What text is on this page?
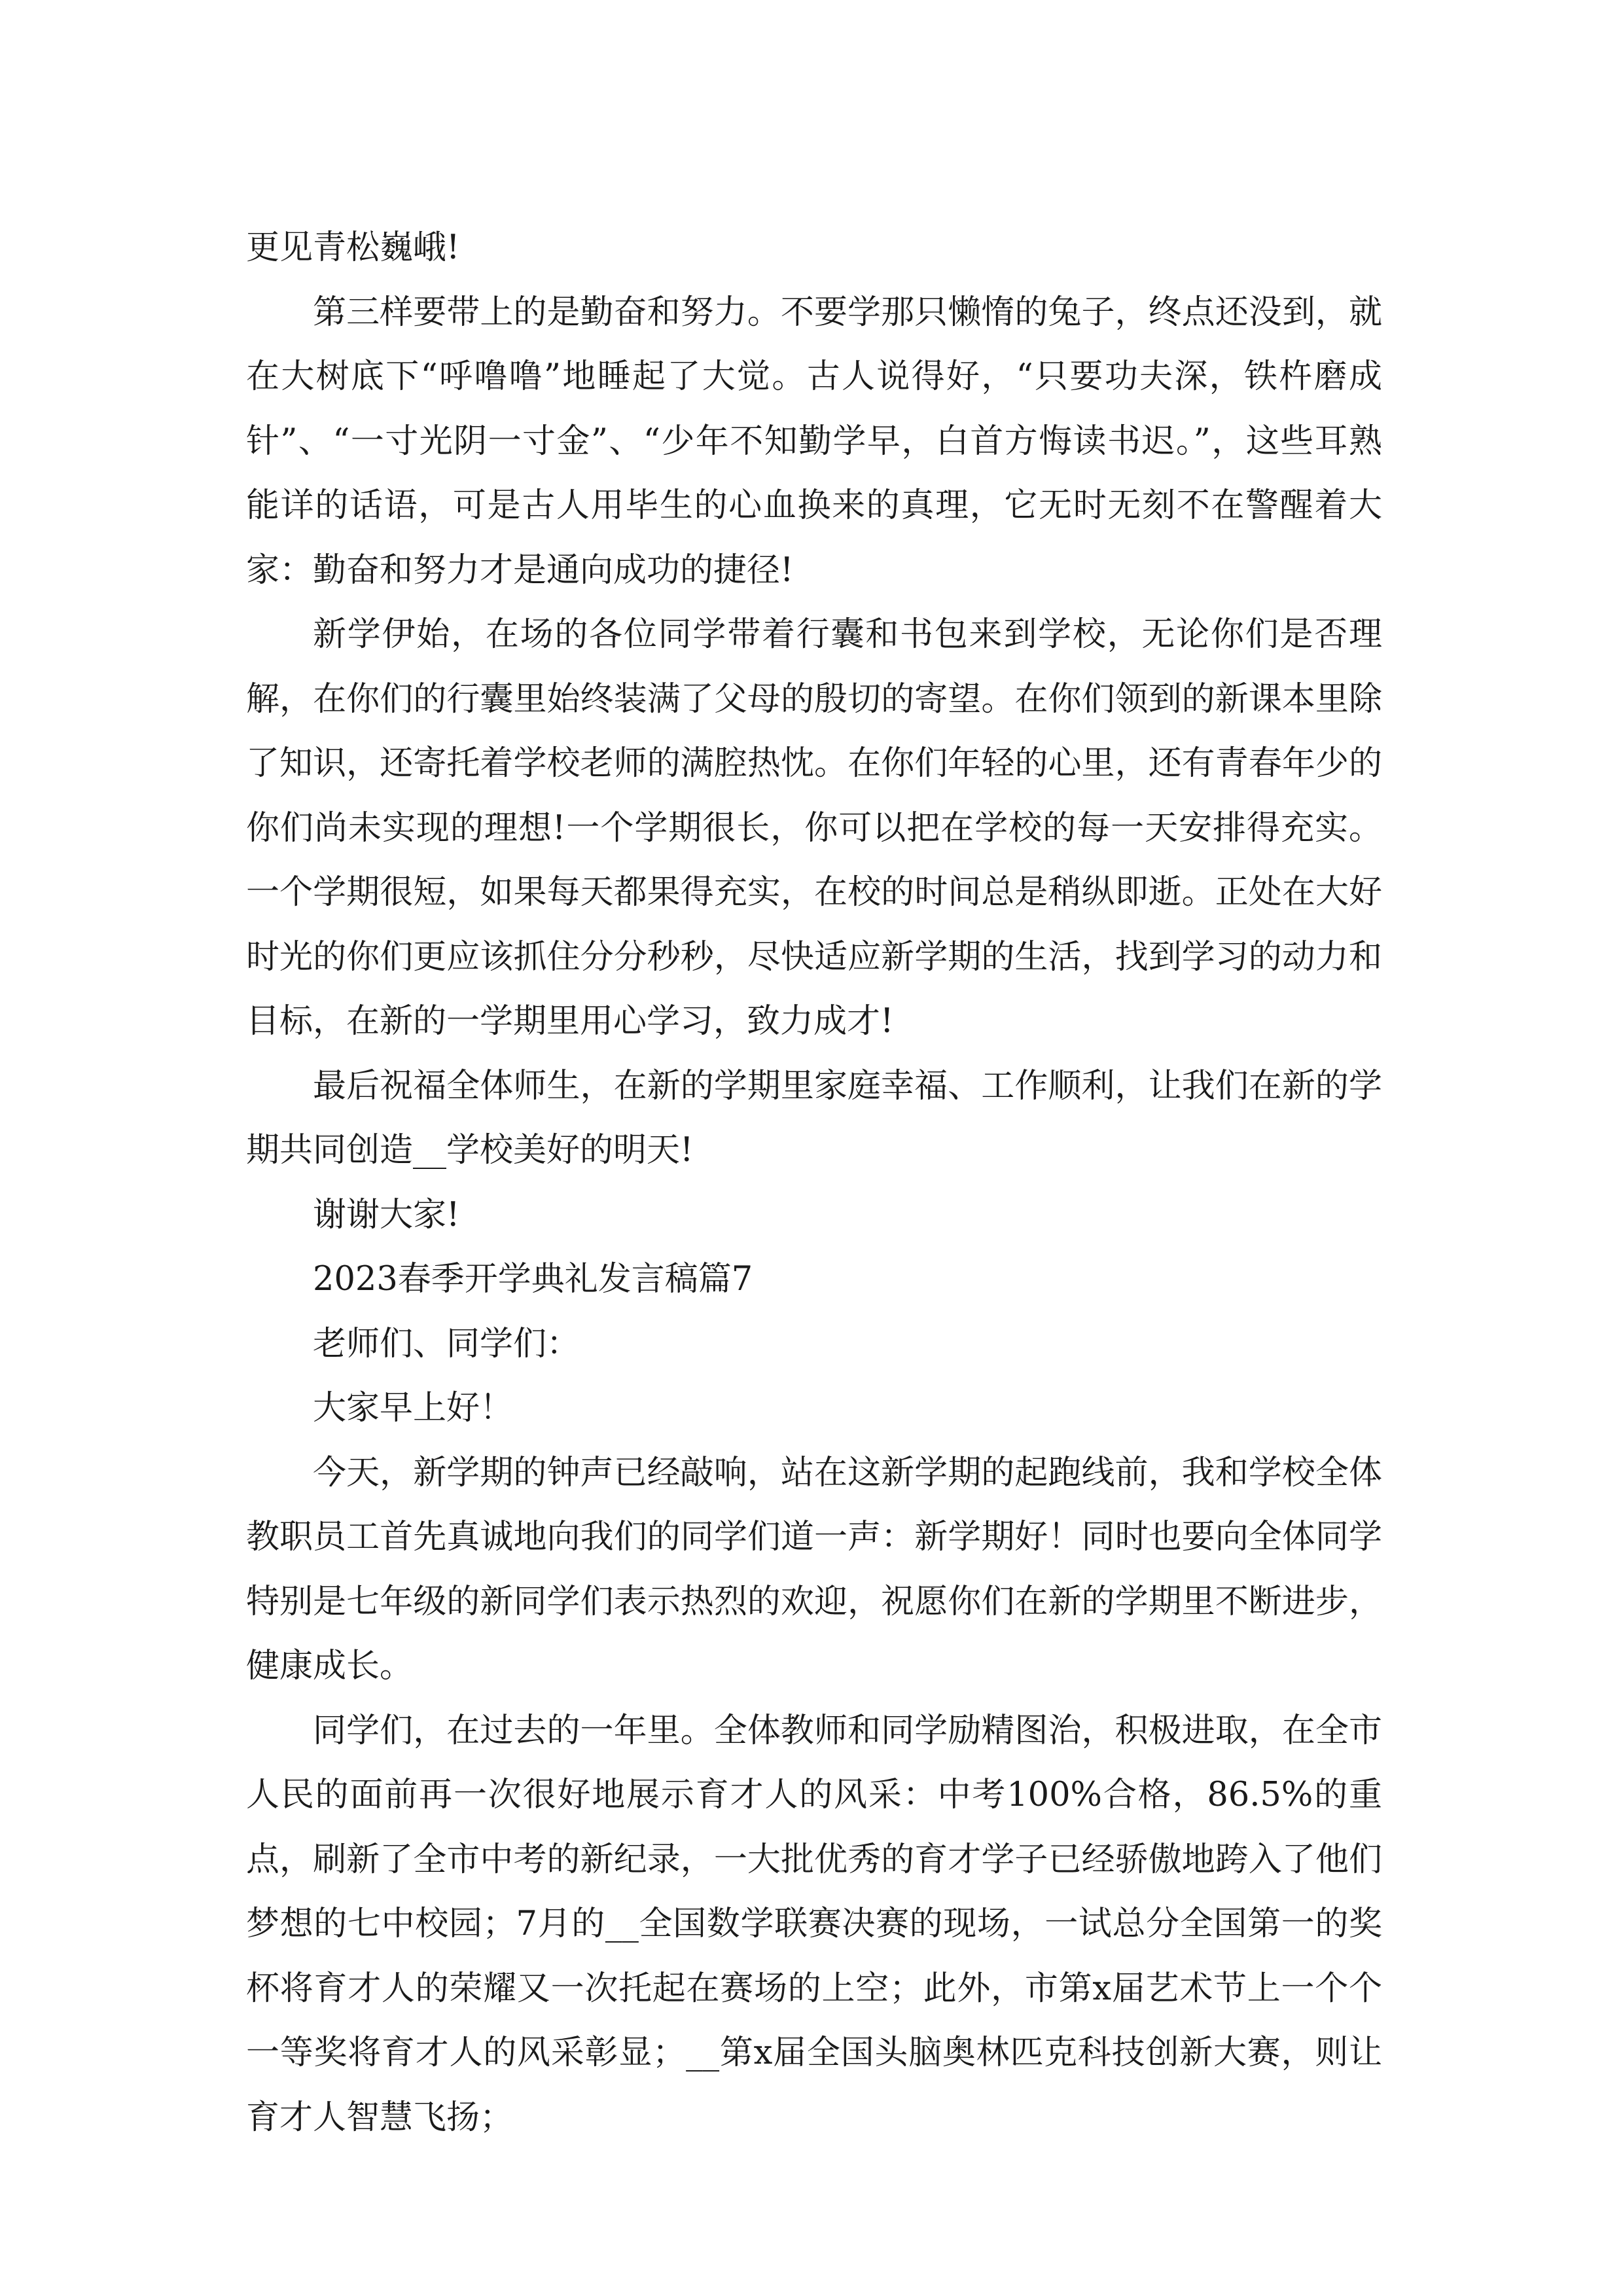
更见青松巍峨!

第三样要带上的是勤奋和努力。不要学那只懒惰的兔子，终点还没到，就在大树底下“呼噜噜”地睡起了大觉。古人说得好，“只要功夫深，铁杵磨成针”、“一寸光阴一寸金”、“少年不知勤学早，白首方悔读书迟。”，这些耳熟能详的话语，可是古人用毕生的心血换来的真理，它无时无刻不在警醒着大家：勤奋和努力才是通向成功的捷径!

新学伊始，在场的各位同学带着行囊和书包来到学校，无论你们是否理解，在你们的行囊里始终装满了父母的殷切的寄望。在你们领到的新课本里除了知识，还寄托着学校老师的满腔热忱。在你们年轻的心里，还有青春年少的你们尚未实现的理想!一个学期很长，你可以把在学校的每一天安排得充实。一个学期很短，如果每天都果得充实，在校的时间总是稍纵即逝。正处在大好时光的你们更应该抓住分分秒秒，尽快适应新学期的生活，找到学习的动力和目标，在新的一学期里用心学习，致力成才!

最后祝福全体师生，在新的学期里家庭幸福、工作顺利，让我们在新的学期共同创造__学校美好的明天!

谢谢大家!

2023春季开学典礼发言稿篇7

老师们、同学们：

大家早上好！

今天，新学期的钟声已经敲响，站在这新学期的起跑线前，我和学校全体教职员工首先真诚地向我们的同学们道一声：新学期好！同时也要向全体同学特别是七年级的新同学们表示热烈的欢迎，祝愿你们在新的学期里不断进步，健康成长。

同学们，在过去的一年里。全体教师和同学励精图治，积极进取，在全市人民的面前再一次很好地展示育才人的风采：中考100%合格，86.5%的重点，刷新了全市中考的新纪录，一大批优秀的育才学子已经骄傲地跨入了他们梦想的七中校园；7月的__全国数学联赛决赛的现场，一试总分全国第一的奖杯将育才人的荣耀又一次托起在赛场的上空；此外，市第x届艺术节上一个个一等奖将育才人的风采彰显；__第x届全国头脑奥林匹克科技创新大赛，则让育才人智慧飞扬；
